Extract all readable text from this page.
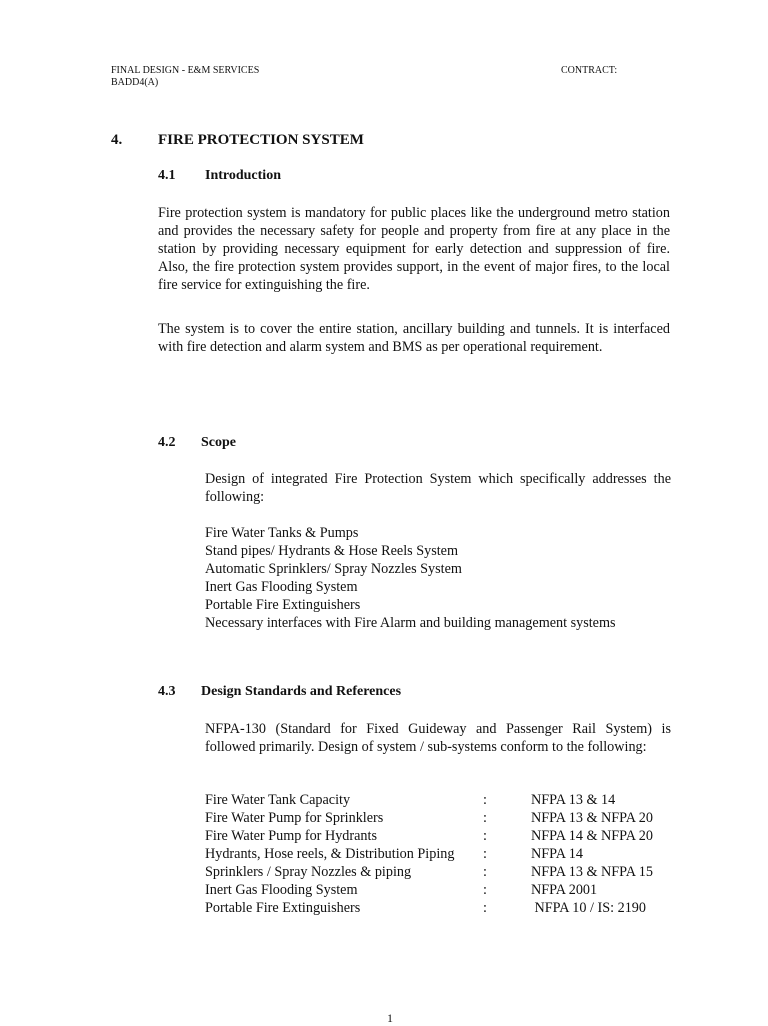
FINAL DESIGN - E&M SERVICES
BADD4(A)
CONTRACT:
4. FIRE PROTECTION SYSTEM
4.1 Introduction

Fire protection system is mandatory for public places like the underground metro station and provides the necessary safety for people and property from fire at any place in the station by providing necessary equipment for early detection and suppression of fire. Also, the fire protection system provides support, in the event of major fires, to the local fire service for extinguishing the fire.

The system is to cover the entire station, ancillary building and tunnels. It is interfaced with fire detection and alarm system and BMS as per operational requirement.

4.2 Scope

Design of integrated Fire Protection System which specifically addresses the following:

Fire Water Tanks & Pumps
Stand pipes/ Hydrants & Hose Reels System
Automatic Sprinklers/ Spray Nozzles System
Inert Gas Flooding System
Portable Fire Extinguishers
Necessary interfaces with Fire Alarm and building management systems
4.3 Design Standards and References

NFPA-130 (Standard for Fixed Guideway and Passenger Rail System) is followed primarily. Design of system / sub-systems conform to the following:

Fire Water Tank Capacity	:	NFPA 13 & 14
Fire Water Pump for Sprinklers	:	NFPA 13 & NFPA 20
Fire Water Pump for Hydrants	:	NFPA 14 & NFPA 20
Hydrants, Hose reels, & Distribution Piping :	NFPA 14
Sprinklers / Spray Nozzles & piping	:	NFPA 13 & NFPA 15
Inert Gas Flooding System	:	NFPA 2001
Portable Fire Extinguishers	:	NFPA 10 / IS: 2190
1
